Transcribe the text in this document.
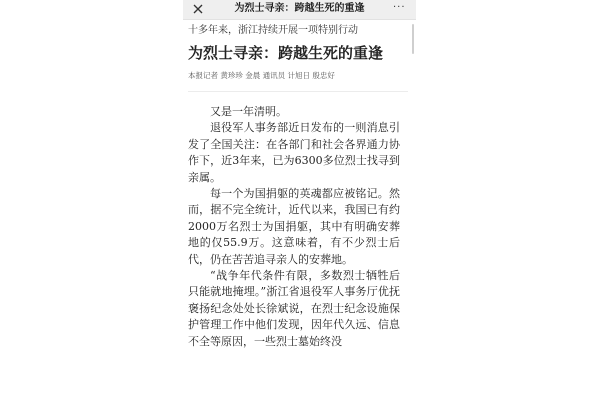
为烈士寻亲：跨越生死的重逢	···

十多年来，浙江持续开展一项特别行动

为烈士寻亲：跨越生死的重逢

本报记者 黄珍珍 金晨 通讯员 计旭日 殷忠好

又是一年清明。

退役军人事务部近日发布的一则消息引发了全国关注：在各部门和社会各界通力协作下，近3年来，已为6300多位烈士找寻到亲属。

每一个为国捐躯的英魂都应被铭记。然而，据不完全统计，近代以来，我国已有约2000万名烈士为国捐躯，其中有明确安葬地的仅55.9万。这意味着，有不少烈士后代，仍在苦苦追寻亲人的安葬地。

“战争年代条件有限，多数烈士牺牲后只能就地掩埋。”浙江省退役军人事务厅优抚褒扬纪念处处长徐斌说，在烈士纪念设施保护管理工作中他们发现，因年代久远、信息不全等原因，一些烈士墓始终没
